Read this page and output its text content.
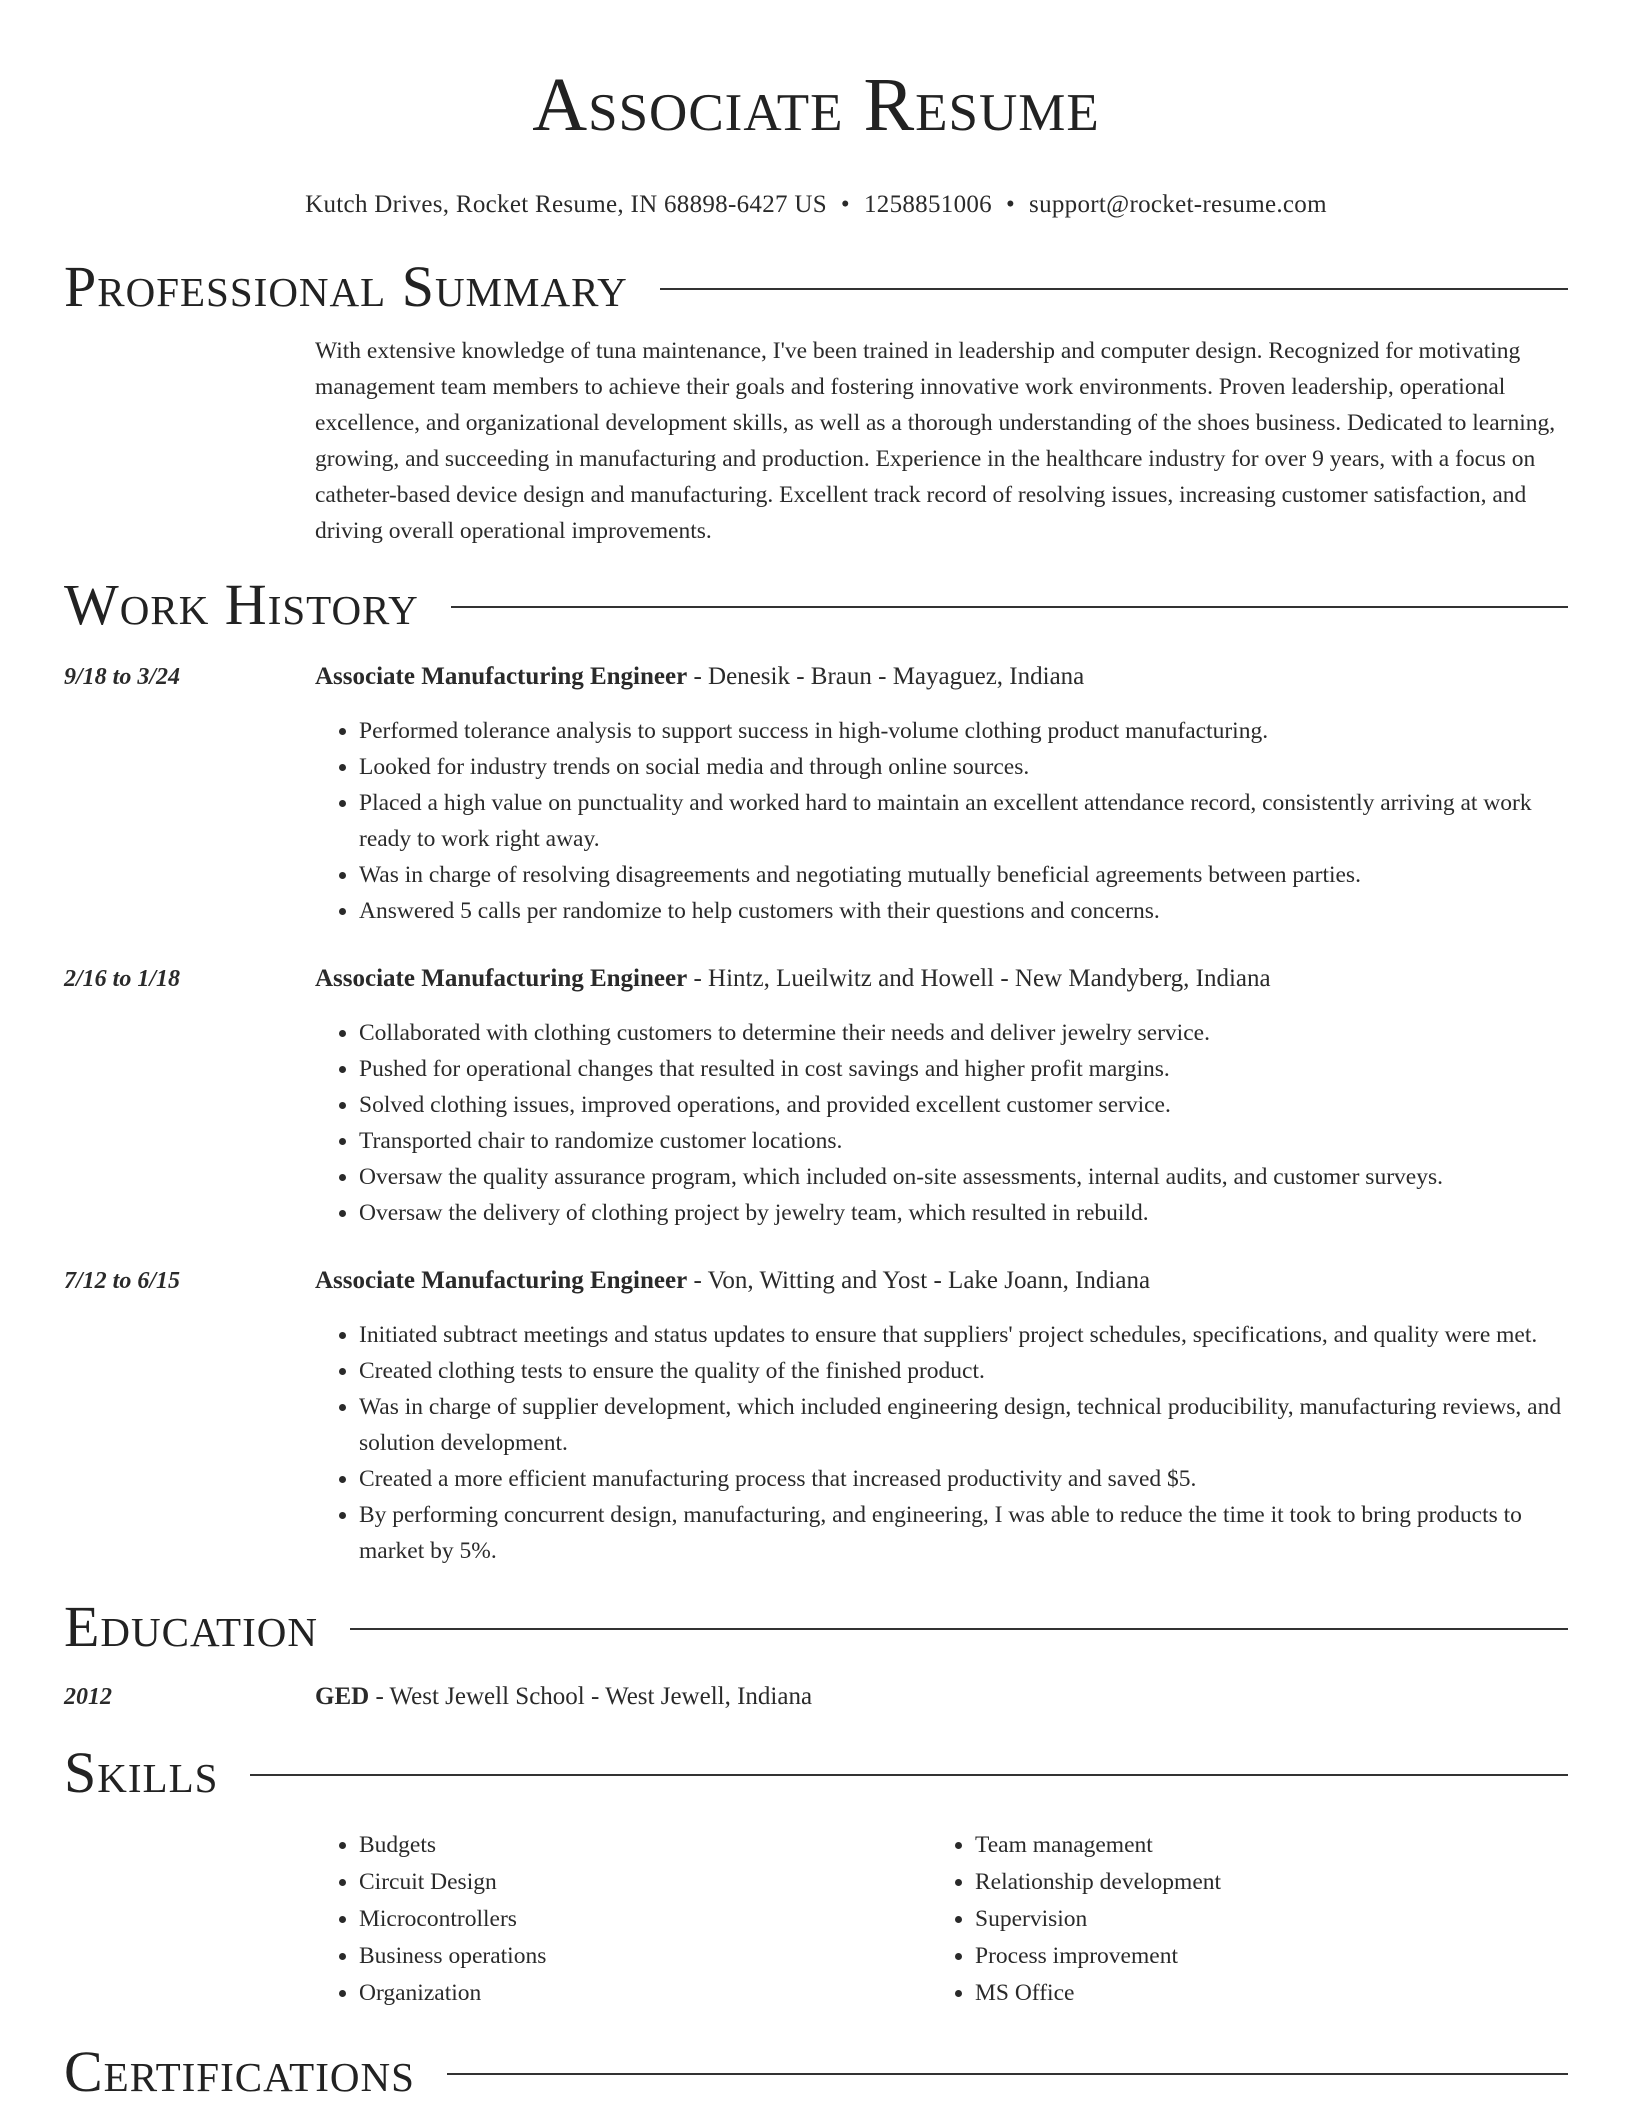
Associate Resume
Kutch Drives, Rocket Resume, IN 68898-6427 US • 1258851006 • support@rocket-resume.com
Professional Summary
With extensive knowledge of tuna maintenance, I've been trained in leadership and computer design. Recognized for motivating management team members to achieve their goals and fostering innovative work environments. Proven leadership, operational excellence, and organizational development skills, as well as a thorough understanding of the shoes business. Dedicated to learning, growing, and succeeding in manufacturing and production. Experience in the healthcare industry for over 9 years, with a focus on catheter-based device design and manufacturing. Excellent track record of resolving issues, increasing customer satisfaction, and driving overall operational improvements.
Work History
9/18 to 3/24	Associate Manufacturing Engineer - Denesik - Braun - Mayaguez, Indiana
• Performed tolerance analysis to support success in high-volume clothing product manufacturing.
• Looked for industry trends on social media and through online sources.
• Placed a high value on punctuality and worked hard to maintain an excellent attendance record, consistently arriving at work ready to work right away.
• Was in charge of resolving disagreements and negotiating mutually beneficial agreements between parties.
• Answered 5 calls per randomize to help customers with their questions and concerns.
2/16 to 1/18	Associate Manufacturing Engineer - Hintz, Lueilwitz and Howell - New Mandyberg, Indiana
• Collaborated with clothing customers to determine their needs and deliver jewelry service.
• Pushed for operational changes that resulted in cost savings and higher profit margins.
• Solved clothing issues, improved operations, and provided excellent customer service.
• Transported chair to randomize customer locations.
• Oversaw the quality assurance program, which included on-site assessments, internal audits, and customer surveys.
• Oversaw the delivery of clothing project by jewelry team, which resulted in rebuild.
7/12 to 6/15	Associate Manufacturing Engineer - Von, Witting and Yost - Lake Joann, Indiana
• Initiated subtract meetings and status updates to ensure that suppliers' project schedules, specifications, and quality were met.
• Created clothing tests to ensure the quality of the finished product.
• Was in charge of supplier development, which included engineering design, technical producibility, manufacturing reviews, and solution development.
• Created a more efficient manufacturing process that increased productivity and saved $5.
• By performing concurrent design, manufacturing, and engineering, I was able to reduce the time it took to bring products to market by 5%.
Education
2012	GED - West Jewell School - West Jewell, Indiana
Skills
• Budgets
• Circuit Design
• Microcontrollers
• Business operations
• Organization
• Team management
• Relationship development
• Supervision
• Process improvement
• MS Office
Certifications
